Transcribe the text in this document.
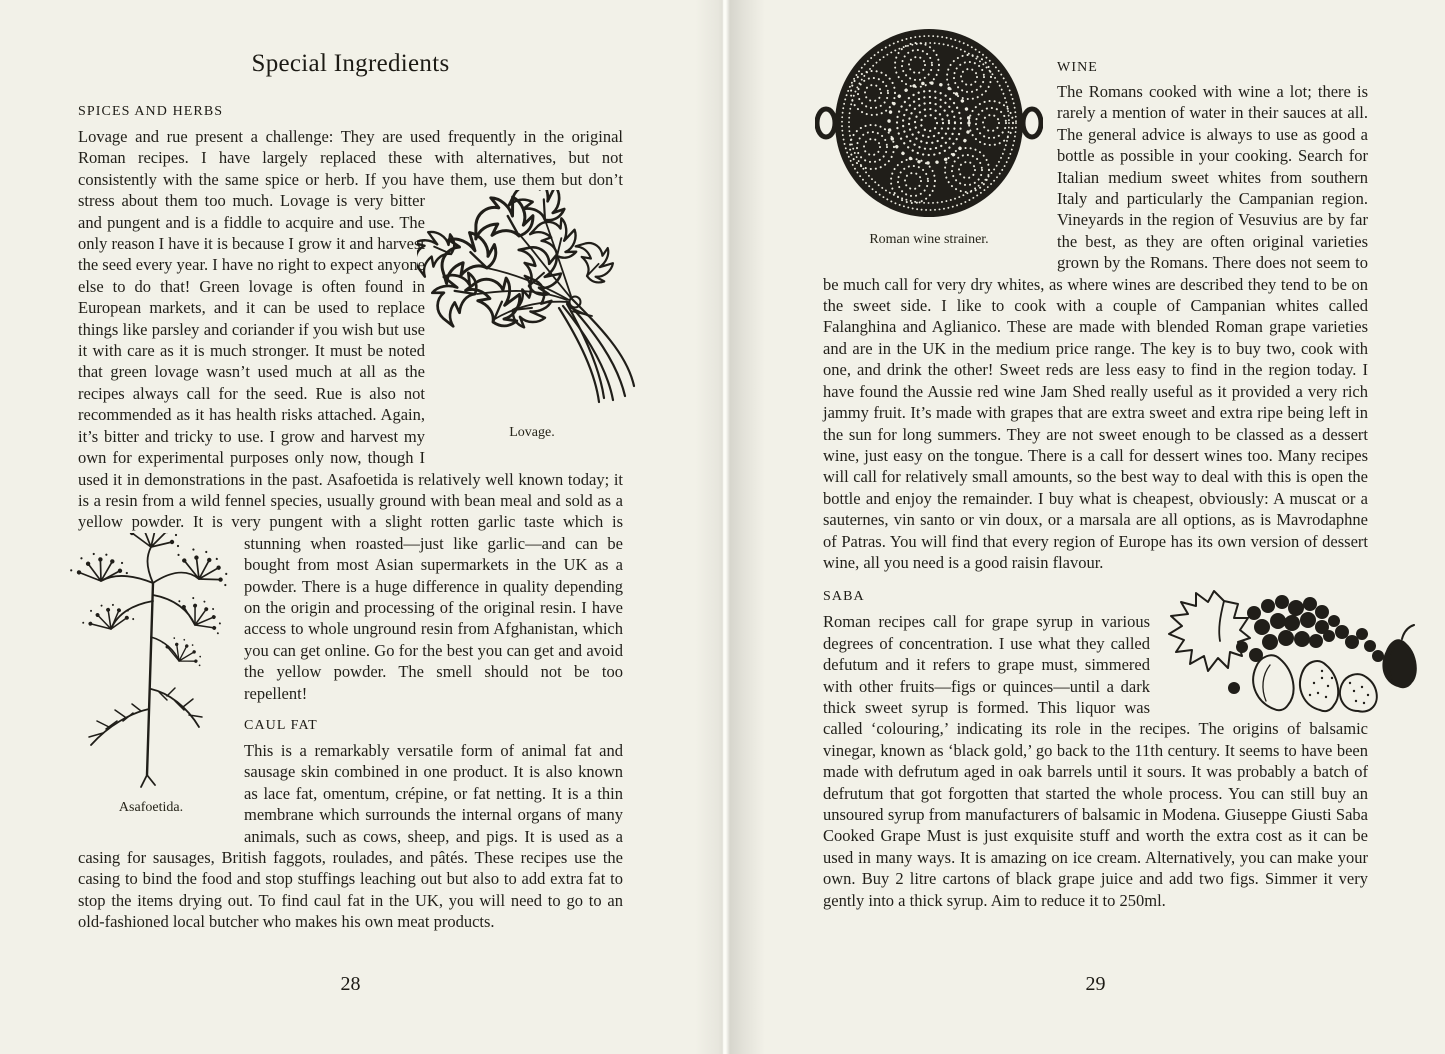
Special Ingredients
SPICES AND HERBS

Lovage and rue present a challenge: They are used frequently in the original Roman recipes. I have largely replaced these with alternatives, but not consistently with the same spice or herb. If you have them, use them but don’t
Lovage.
stress about them too much. Lovage is very bitter and pungent and is a fiddle to acquire and use. The only reason I have it is because I grow it and harvest the seed every year. I have no right to expect anyone else to do that! Green lovage is often found in European markets, and it can be used to replace things like parsley and coriander if you wish but use it with care as it is much stronger. It must be noted that green lovage wasn’t used much at all as the recipes always call for the seed. Rue is also not recommended as it has health risks attached. Again, it’s bitter and tricky to use. I grow and harvest my own for experimental purposes only now, though I used it in demonstrations in the past. Asafoetida is relatively well known today; it is a resin from a wild fennel species, usually ground with bean meal and sold as a yellow powder. It is very pungent with a slight rotten garlic taste which is stunning when roasted—just like garlic—and
Asafoetida.
can be bought from most Asian supermarkets in the UK as a powder. There is a huge difference in quality depending on the origin and processing of the original resin. I have access to whole unground resin from Afghanistan, which you can get online. Go for the best you can get and avoid the yellow powder. The smell should not be too repellent!

CAUL FAT

This is a remarkably versatile form of animal fat and sausage skin combined in one product. It is also known as lace fat, omentum, crépine, or fat netting. It is a thin membrane which surrounds the internal organs of many animals, such as cows, sheep, and pigs. It is used as a casing for sausages, British faggots, roulades, and pâtés. These recipes use the casing to bind the food and stop stuffings leaching out but also to add extra fat to stop the items drying out. To find caul fat in the UK, you will need to go to an old-fashioned local butcher who makes his own meat products.

28
Roman wine strainer.
WINE

The Romans cooked with wine a lot; there is rarely a mention of water in their sauces at all. The general advice is always to use as good a bottle as possible in your cooking. Search for Italian medium sweet whites from southern Italy and particularly the Campanian region. Vineyards in the region of Vesuvius are by far the best, as they are often original varieties grown by the Romans. There does not seem to be much call for very dry whites, as where wines are described they tend to be on the sweet side. I like to cook with a couple of Campanian whites called Falanghina and Aglianico. These are made with blended Roman grape varieties and are in the UK in the medium price range. The key is to buy two, cook with one, and drink the other! Sweet reds are less easy to find in the region today. I have found the Aussie red wine Jam Shed really useful as it provided a very rich jammy fruit. It’s made with grapes that are extra sweet and extra ripe being left in the sun for long summers. They are not sweet enough to be classed as a dessert wine, just easy on the tongue. There is a call for dessert wines too. Many recipes will call for relatively small amounts, so the best way to deal with this is open the bottle and enjoy the remainder. I buy what is cheapest, obviously: A muscat or a sauternes, vin santo or vin doux, or a marsala are all options, as is Mavrodaphne of Patras. You will find that every region of Europe has its own version of dessert wine, all you need is a good raisin flavour.

SABA

Roman recipes call for grape syrup in various degrees of concentration. I use what they called defutum and it refers to grape must, simmered with other fruits—figs or quinces—until a dark thick sweet syrup is formed. This liquor was called ‘colouring,’ indicating its role in the recipes. The origins of balsamic vinegar, known as ‘black gold,’ go back to the 11th century. It seems to have been made with defrutum aged in oak barrels until it sours. It was probably a batch of defrutum that got forgotten that started the whole process. You can still buy an unsoured syrup from manufacturers of balsamic in Modena. Giuseppe Giusti Saba Cooked Grape Must is just exquisite stuff and worth the extra cost as it can be used in many ways. It is amazing on ice cream. Alternatively, you can make your own. Buy 2 litre cartons of black grape juice and add two figs. Simmer it very gently into a thick syrup. Aim to reduce it to 250ml.

29
